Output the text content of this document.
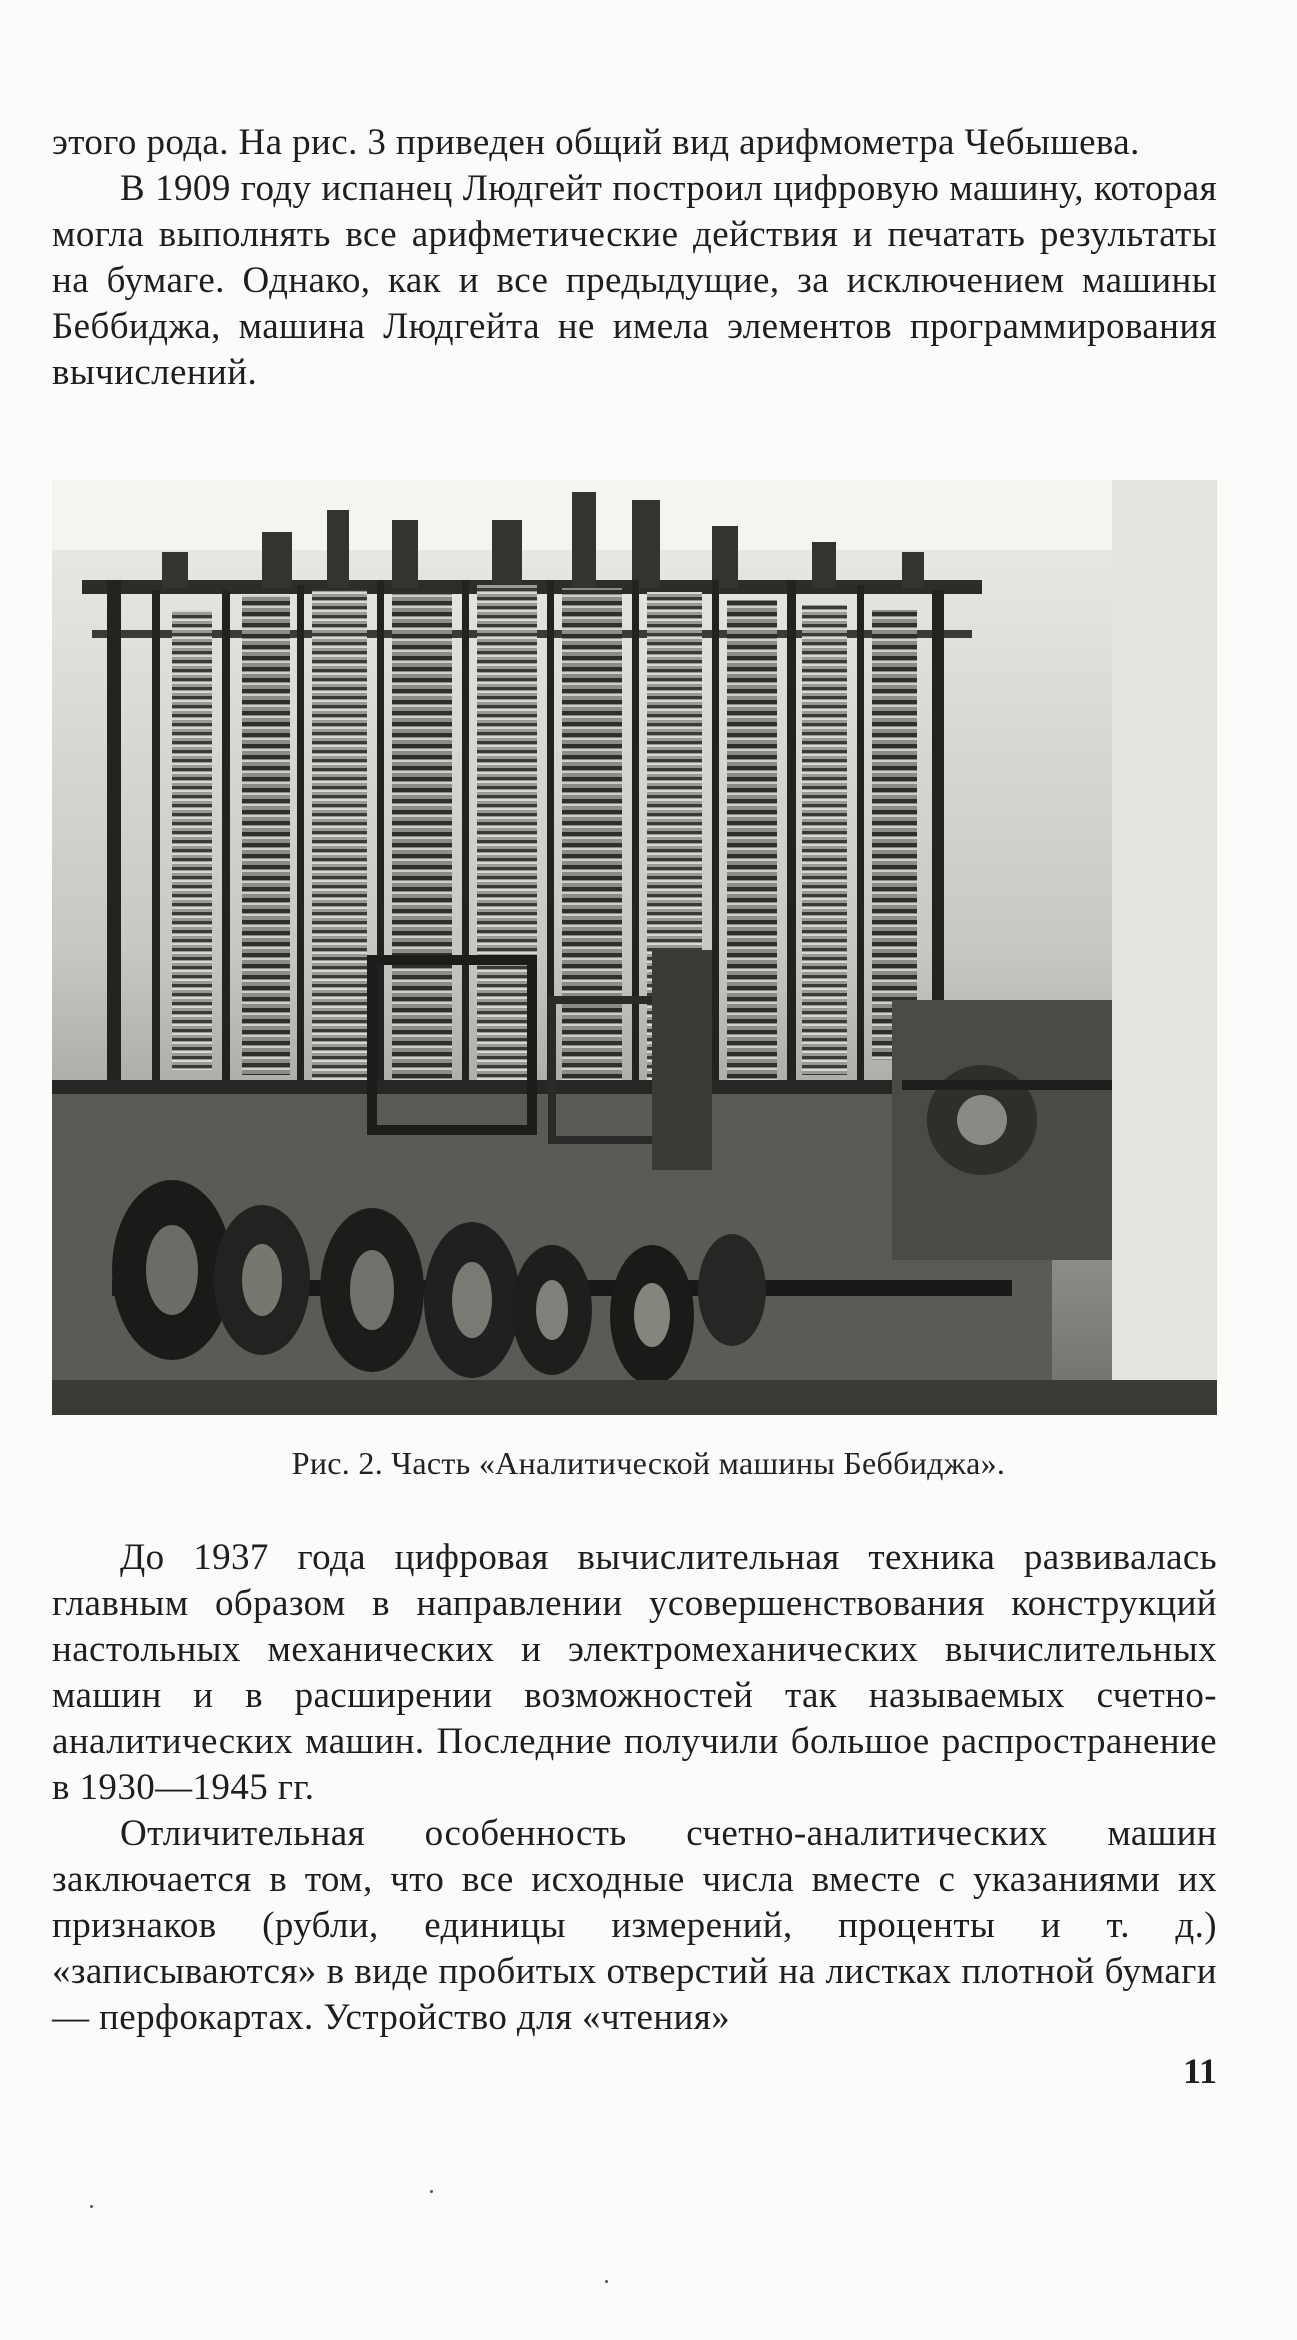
этого рода. На рис. 3 приведен общий вид арифмометра Чебышева.

В 1909 году испанец Людгейт построил цифровую машину, которая могла выполнять все арифметические действия и печатать результаты на бумаге. Однако, как и все предыдущие, за исключением машины Беббиджа, машина Людгейта не имела элементов программирования вычислений.

Рис. 2. Часть «Аналитической машины Беббиджа».

До 1937 года цифровая вычислительная техника развивалась главным образом в направлении усовершенствования конструкций настольных механических и электромеханических вычислительных машин и в расширении возможностей так называемых счетно-аналитических машин. Последние получили большое распространение в 1930—1945 гг.

Отличительная особенность счетно-аналитических машин заключается в том, что все исходные числа вместе с указаниями их признаков (рубли, единицы измерений, проценты и т. д.) «записываются» в виде пробитых отверстий на листках плотной бумаги — перфокартах. Устройство для «чтения»

11
